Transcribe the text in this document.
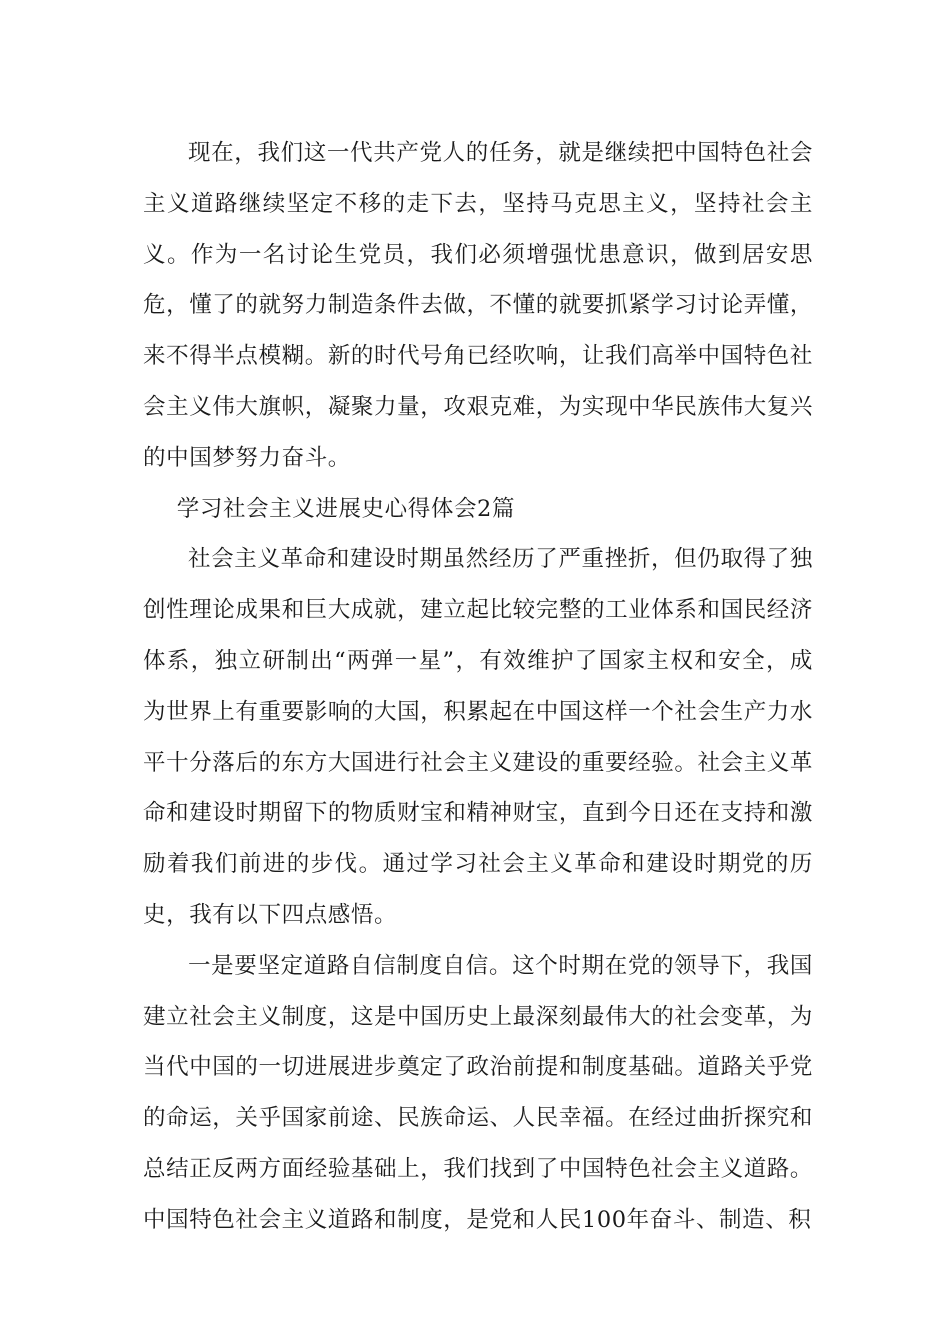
现在，我们这一代共产党人的任务，就是继续把中国特色社会主义道路继续坚定不移的走下去，坚持马克思主义，坚持社会主义。作为一名讨论生党员，我们必须增强忧患意识，做到居安思危，懂了的就努力制造条件去做，不懂的就要抓紧学习讨论弄懂，来不得半点模糊。新的时代号角已经吹响，让我们高举中国特色社会主义伟大旗帜，凝聚力量，攻艰克难，为实现中华民族伟大复兴的中国梦努力奋斗。

学习社会主义进展史心得体会2篇

社会主义革命和建设时期虽然经历了严重挫折，但仍取得了独创性理论成果和巨大成就，建立起比较完整的工业体系和国民经济体系，独立研制出“两弹一星”，有效维护了国家主权和安全，成为世界上有重要影响的大国，积累起在中国这样一个社会生产力水平十分落后的东方大国进行社会主义建设的重要经验。社会主义革命和建设时期留下的物质财宝和精神财宝，直到今日还在支持和激励着我们前进的步伐。通过学习社会主义革命和建设时期党的历史，我有以下四点感悟。

一是要坚定道路自信制度自信。这个时期在党的领导下，我国建立社会主义制度，这是中国历史上最深刻最伟大的社会变革，为当代中国的一切进展进步奠定了政治前提和制度基础。道路关乎党的命运，关乎国家前途、民族命运、人民幸福。在经过曲折探究和总结正反两方面经验基础上，我们找到了中国特色社会主义道路。中国特色社会主义道路和制度，是党和人民100年奋斗、制造、积
